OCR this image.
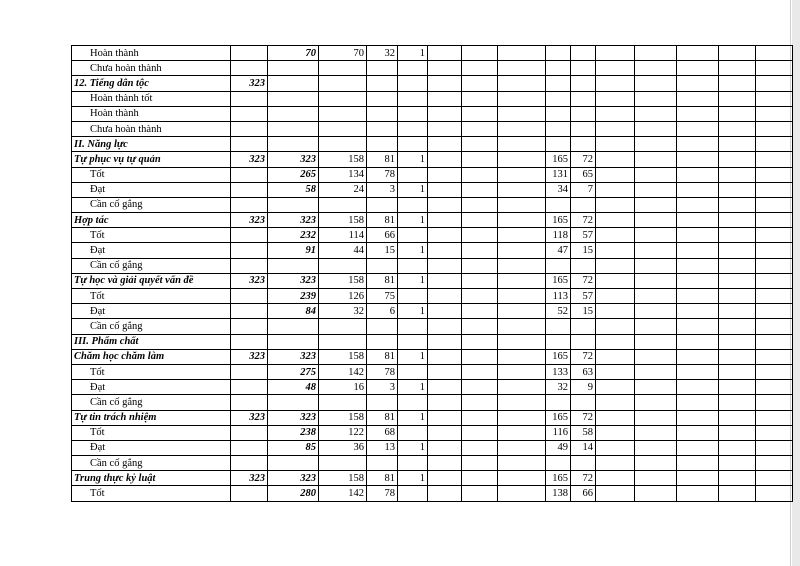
Hoàn thành		70	70	32	1										
Chưa hoàn thành															
12. Tiếng dân tộc	323														
Hoàn thành tốt															
Hoàn thành															
Chưa hoàn thành															
II. Năng lực															
Tự phục vụ tự quản	323	323	158	81	1				165	72					
Tốt		265	134	78					131	65					
Đạt		58	24	3	1				34	7					
Cần cố gắng															
Hợp tác	323	323	158	81	1				165	72					
Tốt		232	114	66					118	57					
Đạt		91	44	15	1				47	15					
Cần cố gắng															
Tự học và giải quyết vấn đề	323	323	158	81	1				165	72					
Tốt		239	126	75					113	57					
Đạt		84	32	6	1				52	15					
Cần cố gắng															
III. Phẩm chất															
Chăm học chăm làm	323	323	158	81	1				165	72					
Tốt		275	142	78					133	63					
Đạt		48	16	3	1				32	9					
Cần cố gắng															
Tự tin trách nhiệm	323	323	158	81	1				165	72					
Tốt		238	122	68					116	58					
Đạt		85	36	13	1				49	14					
Cần cố gắng															
Trung thực kỷ luật	323	323	158	81	1				165	72					
Tốt		280	142	78					138	66					
